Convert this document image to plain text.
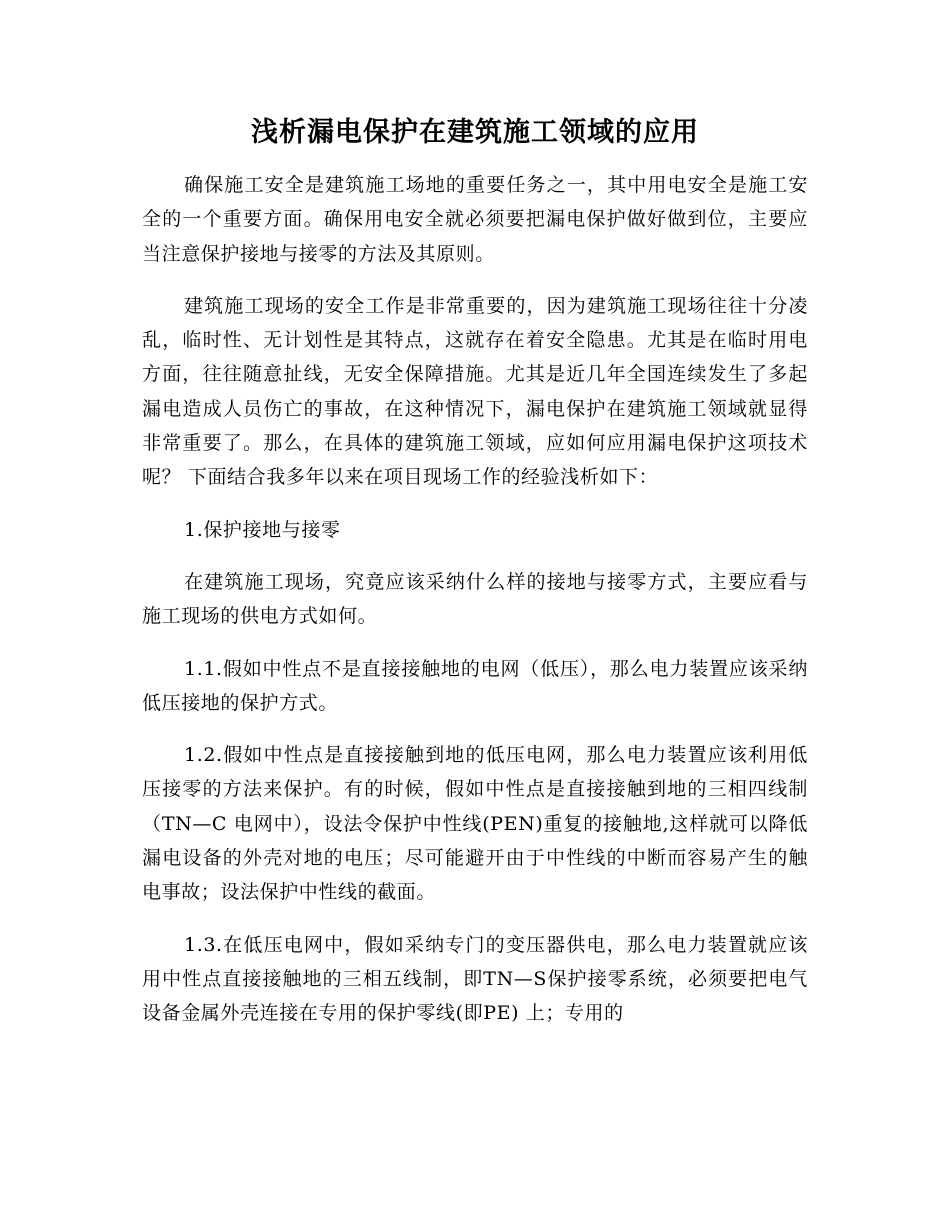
浅析漏电保护在建筑施工领域的应用

确保施工安全是建筑施工场地的重要任务之一，其中用电安全是施工安全的一个重要方面。确保用电安全就必须要把漏电保护做好做到位，主要应当注意保护接地与接零的方法及其原则。

建筑施工现场的安全工作是非常重要的，因为建筑施工现场往往十分凌乱，临时性、无计划性是其特点，这就存在着安全隐患。尤其是在临时用电方面，往往随意扯线，无安全保障措施。尤其是近几年全国连续发生了多起漏电造成人员伤亡的事故，在这种情况下，漏电保护在建筑施工领域就显得非常重要了。那么，在具体的建筑施工领域，应如何应用漏电保护这项技术呢？ 下面结合我多年以来在项目现场工作的经验浅析如下：

1.保护接地与接零

在建筑施工现场，究竟应该采纳什么样的接地与接零方式，主要应看与施工现场的供电方式如何。

1.1.假如中性点不是直接接触地的电网（低压），那么电力装置应该采纳低压接地的保护方式。

1.2.假如中性点是直接接触到地的低压电网，那么电力装置应该利用低压接零的方法来保护。有的时候，假如中性点是直接接触到地的三相四线制（TN—C 电网中），设法令保护中性线(PEN)重复的接触地,这样就可以降低漏电设备的外壳对地的电压；尽可能避开由于中性线的中断而容易产生的触电事故；设法保护中性线的截面。

1.3.在低压电网中，假如采纳专门的变压器供电，那么电力装置就应该用中性点直接接触地的三相五线制，即TN—S保护接零系统，必须要把电气设备金属外壳连接在专用的保护零线(即PE) 上；专用的
